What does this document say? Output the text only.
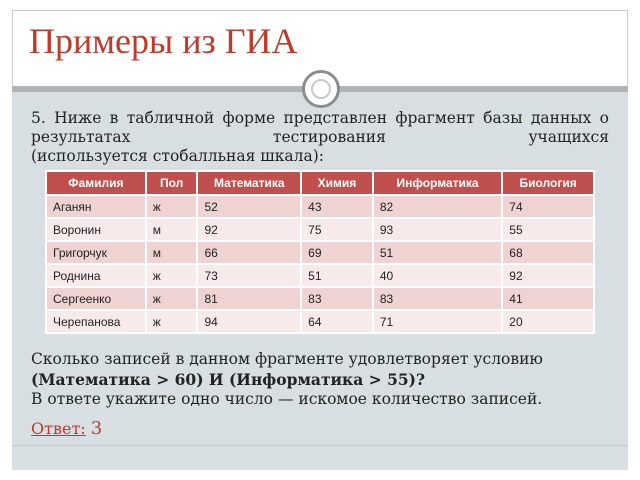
Примеры из ГИА

5. Ниже в табличной форме представлен фрагмент базы данных о результатах тестирования учащихся

(используется стобалльная шкала):

Фамилия	Пол	Математика	Химия	Информатика	Биология
Аганян	ж	52	43	82	74
Воронин	м	92	75	93	55
Григорчук	м	66	69	51	68
Роднина	ж	73	51	40	92
Сергеенко	ж	81	83	83	41
Черепанова	ж	94	64	71	20
Сколько записей в данном фрагменте удовлетворяет условию
(Математика > 60) И (Информатика > 55)?
В ответе укажите одно число — искомое количество записей.
Ответ: 3
